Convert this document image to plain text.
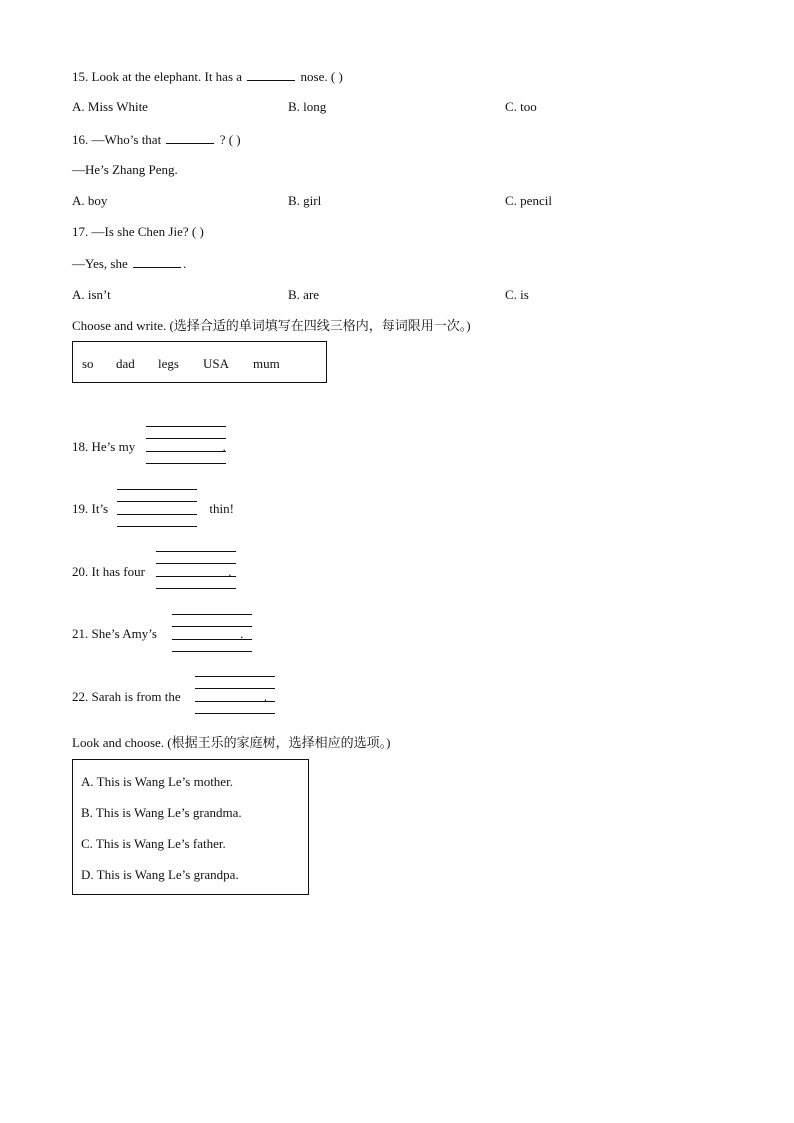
15. Look at the elephant. It has a	nose. ( )
A. Miss White	B. long	C. too
16. —Who’s that	? ( )
—He’s Zhang Peng.
A. boy	B. girl	C. pencil
17. —Is she Chen Jie? ( )
—Yes, she	.
A. isn’t	B. are	C. is
Choose and write. (选择合适的单词填写在四线三格内，每词限用一次。)
so dad legs USA mum
18. He’s my	.
19. It’s	thin!
20. It has four	.
21. She’s Amy’s	.
22. Sarah is from the	.
Look and choose. (根据王乐的家庭树，选择相应的选项。)
A. This is Wang Le’s mother.
B. This is Wang Le’s grandma.
C. This is Wang Le’s father.
D. This is Wang Le’s grandpa.
